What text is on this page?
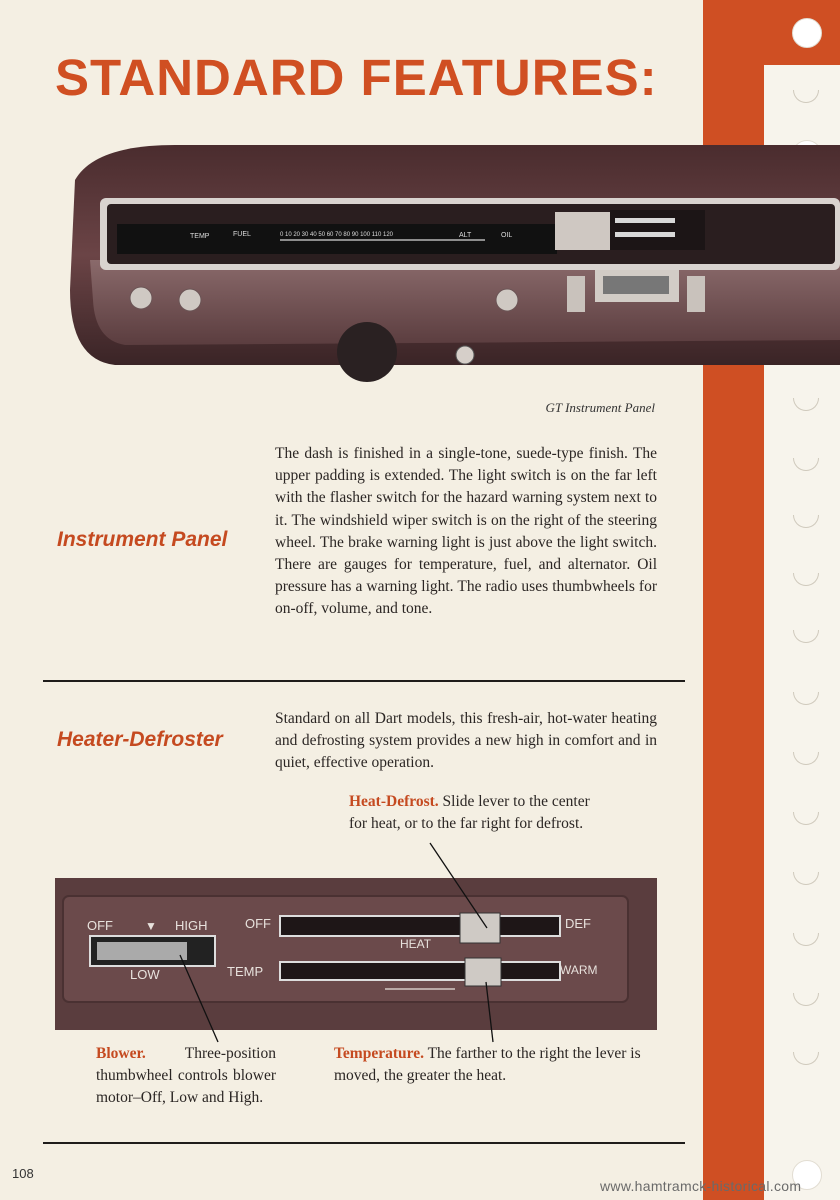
STANDARD FEATURES:
TEMP	FUEL	0 10 20 30 40 50 60 70 80 90 100 110 120	ALT	OIL
GT Instrument Panel
Instrument Panel
The dash is finished in a single-tone, suede-type finish. The upper padding is extended. The light switch is on the far left with the flasher switch for the hazard warning system next to it. The windshield wiper switch is on the right of the steering wheel. The brake warning light is just above the light switch. There are gauges for temperature, fuel, and alternator. Oil pressure has a warning light. The radio uses thumbwheels for on-off, volume, and tone.
Heater-Defroster
Standard on all Dart models, this fresh-air, hot-water heating and defrosting system provides a new high in comfort and in quiet, effective operation.
Heat-Defrost. Slide lever to the center for heat, or to the far right for defrost.
OFF	▼ HIGH
LOW
OFF
HEAT
DEF
TEMP	WARM
Blower. Three-position thumbwheel controls blower motor–Off, Low and High.
Temperature. The farther to the right the lever is moved, the greater the heat.
108
www.hamtramck-historical.com
